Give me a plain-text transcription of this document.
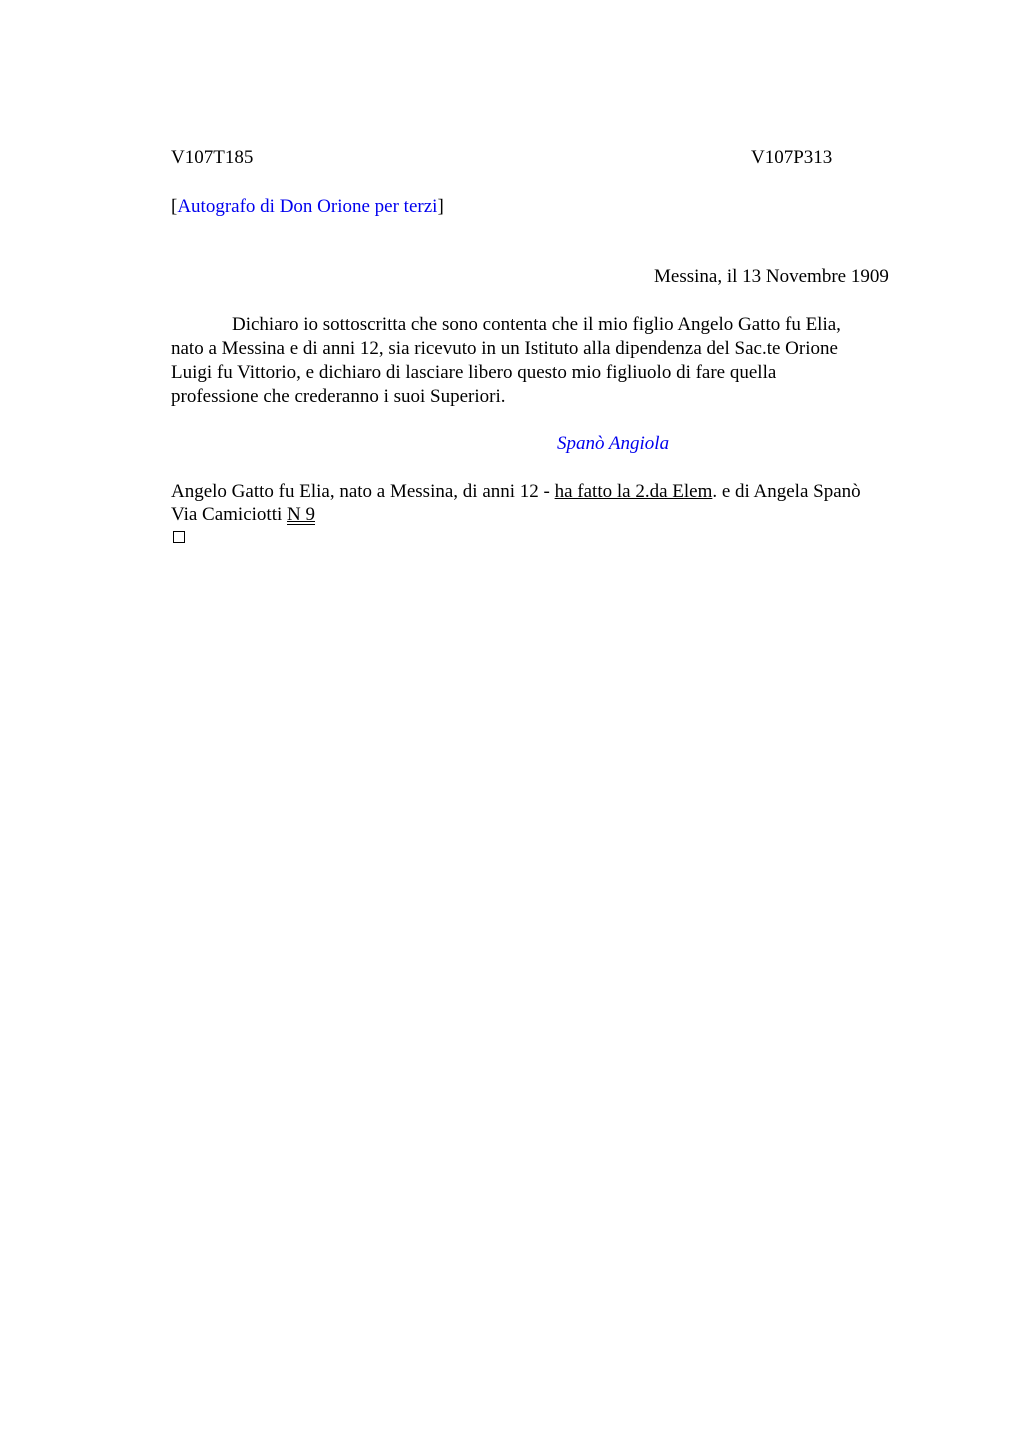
V107T185	V107P313
[Autografo di Don Orione per terzi]
Messina, il 13 Novembre 1909
Dichiaro io sottoscritta che sono contenta che il mio figlio Angelo Gatto fu Elia,
nato a Messina e di anni 12, sia ricevuto in un Istituto alla dipendenza del Sac.te Orione
Luigi fu Vittorio, e dichiaro di lasciare libero questo mio figliuolo di fare quella
professione che crederanno i suoi Superiori.
Spanò Angiola
Angelo Gatto fu Elia, nato a Messina, di anni 12 - ha fatto la 2.da Elem. e di Angela Spanò
Via Camiciotti N 9
